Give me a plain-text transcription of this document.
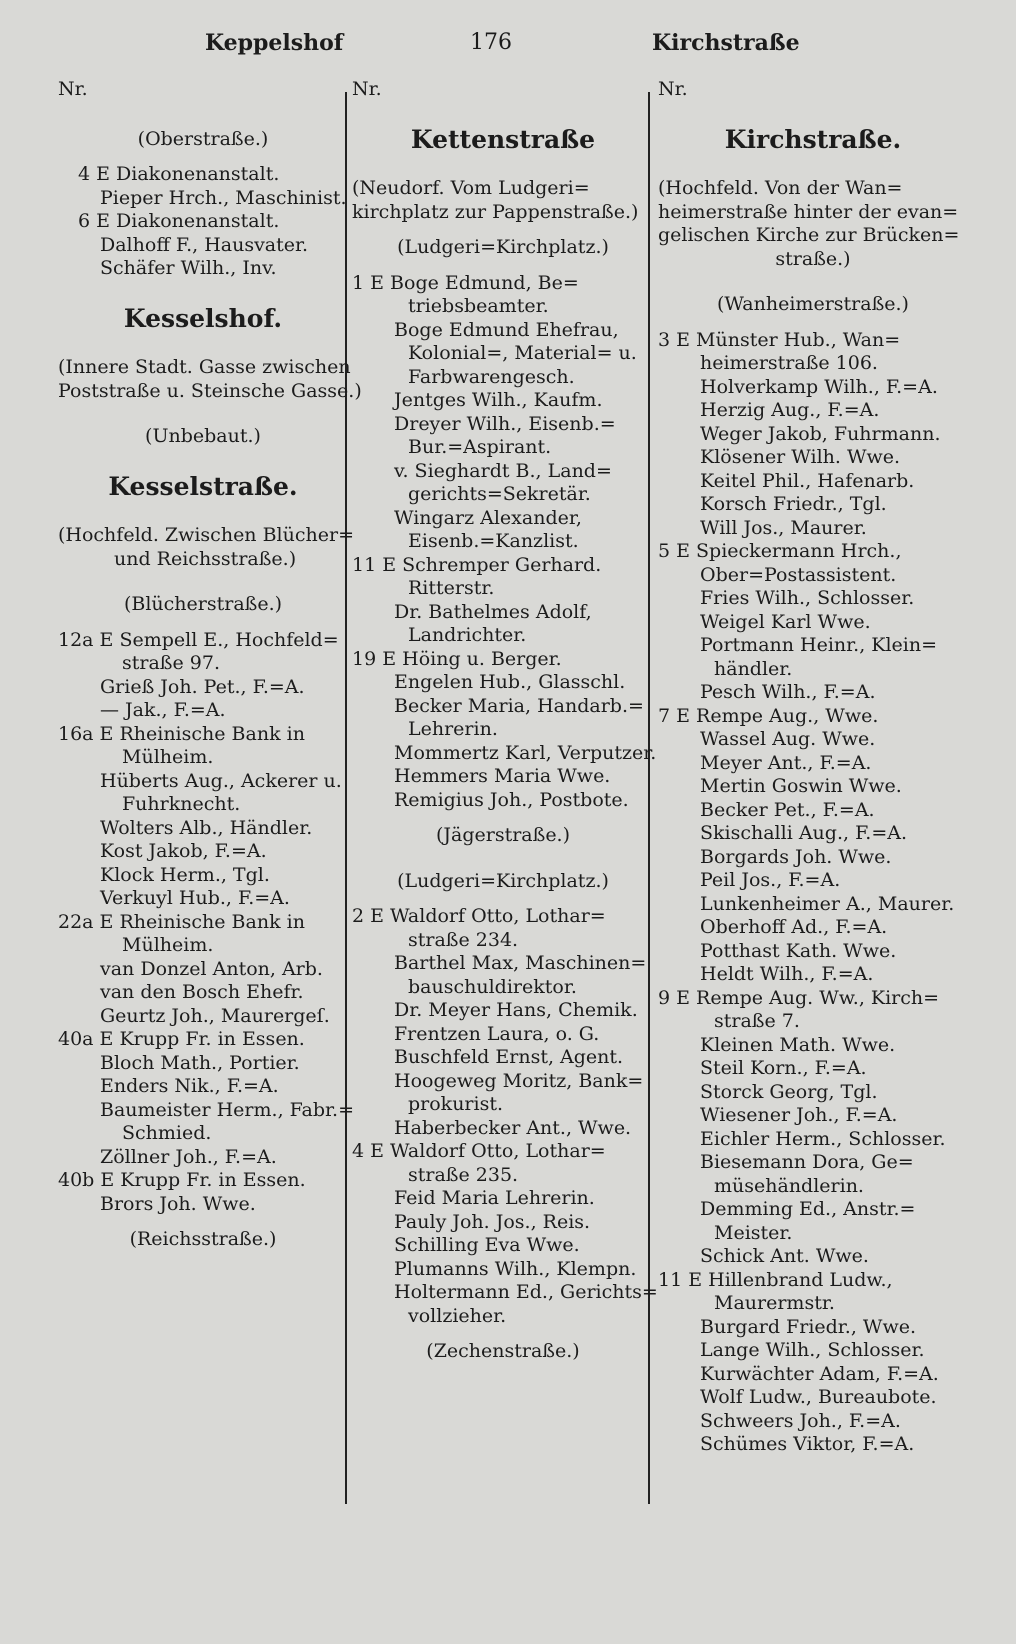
Keppelshof	176	Kirchstraße
Nr.
(Oberstraße.)
4 E Diakonenanstalt.
Pieper Hrch., Maschinist.
6 E Diakonenanstalt.
Dalhoff F., Hausvater.
Schäfer Wilh., Inv.
Kesselshof.
(Innere Stadt. Gasse zwischen
Poststraße u. Steinsche Gasse.)
(Unbebaut.)
Kesselstraße.
(Hochfeld. Zwischen Blücher=
und Reichsstraße.)
(Blücherstraße.)
12a E Sempell E., Hochfeld=
straße 97.
Grieß Joh. Pet., F.=A.
— Jak., F.=A.
16a E Rheinische Bank in
Mülheim.
Hüberts Aug., Ackerer u.
Fuhrknecht.
Wolters Alb., Händler.
Kost Jakob, F.=A.
Klock Herm., Tgl.
Verkuyl Hub., F.=A.
22a E Rheinische Bank in
Mülheim.
van Donzel Anton, Arb.
van den Bosch Ehefr.
Geurtz Joh., Maurergeſ.
40a E Krupp Fr. in Essen.
Bloch Math., Portier.
Enders Nik., F.=A.
Baumeister Herm., Fabr.=
Schmied.
Zöllner Joh., F.=A.
40b E Krupp Fr. in Essen.
Brors Joh. Wwe.
(Reichsstraße.)
Nr.
Kettenstraße
(Neudorf. Vom Ludgeri=
kirchplatz zur Pappenstraße.)
(Ludgeri=Kirchplatz.)
1 E Boge Edmund, Be=
triebsbeamter.
Boge Edmund Ehefrau,
Kolonial=, Material= u.
Farbwarengesch.
Jentges Wilh., Kaufm.
Dreyer Wilh., Eisenb.=
Bur.=Aspirant.
v. Sieghardt B., Land=
gerichts=Sekretär.
Wingarz Alexander,
Eisenb.=Kanzlist.
11 E Schremper Gerhard.
Ritterstr.
Dr. Bathelmes Adolf,
Landrichter.
19 E Höing u. Berger.
Engelen Hub., Glasschl.
Becker Maria, Handarb.=
Lehrerin.
Mommertz Karl, Verputzer.
Hemmers Maria Wwe.
Remigius Joh., Postbote.
(Jägerstraße.)
(Ludgeri=Kirchplatz.)
2 E Waldorf Otto, Lothar=
straße 234.
Barthel Max, Maschinen=
bauschuldirektor.
Dr. Meyer Hans, Chemik.
Frentzen Laura, o. G.
Buschfeld Ernst, Agent.
Hoogeweg Moritz, Bank=
prokurist.
Haberbecker Ant., Wwe.
4 E Waldorf Otto, Lothar=
straße 235.
Feid Maria Lehrerin.
Pauly Joh. Jos., Reis.
Schilling Eva Wwe.
Plumanns Wilh., Klempn.
Holtermann Ed., Gerichts=
vollzieher.
(Zechenstraße.)
Nr.
Kirchstraße.
(Hochfeld. Von der Wan=
heimerstraße hinter der evan=
gelischen Kirche zur Brücken=
straße.)
(Wanheimerstraße.)
3 E Münster Hub., Wan=
heimerstraße 106.
Holverkamp Wilh., F.=A.
Herzig Aug., F.=A.
Weger Jakob, Fuhrmann.
Klösener Wilh. Wwe.
Keitel Phil., Hafenarb.
Korsch Friedr., Tgl.
Will Jos., Maurer.
5 E Spieckermann Hrch.,
Ober=Postassistent.
Fries Wilh., Schlosser.
Weigel Karl Wwe.
Portmann Heinr., Klein=
händler.
Pesch Wilh., F.=A.
7 E Rempe Aug., Wwe.
Wassel Aug. Wwe.
Meyer Ant., F.=A.
Mertin Goswin Wwe.
Becker Pet., F.=A.
Skischalli Aug., F.=A.
Borgards Joh. Wwe.
Peil Jos., F.=A.
Lunkenheimer A., Maurer.
Oberhoff Ad., F.=A.
Potthast Kath. Wwe.
Heldt Wilh., F.=A.
9 E Rempe Aug. Ww., Kirch=
straße 7.
Kleinen Math. Wwe.
Steil Korn., F.=A.
Storck Georg, Tgl.
Wiesener Joh., F.=A.
Eichler Herm., Schlosser.
Biesemann Dora, Ge=
müsehändlerin.
Demming Ed., Anstr.=
Meister.
Schick Ant. Wwe.
11 E Hillenbrand Ludw.,
Maurermstr.
Burgard Friedr., Wwe.
Lange Wilh., Schlosser.
Kurwächter Adam, F.=A.
Wolf Ludw., Bureaubote.
Schweers Joh., F.=A.
Schümes Viktor, F.=A.
